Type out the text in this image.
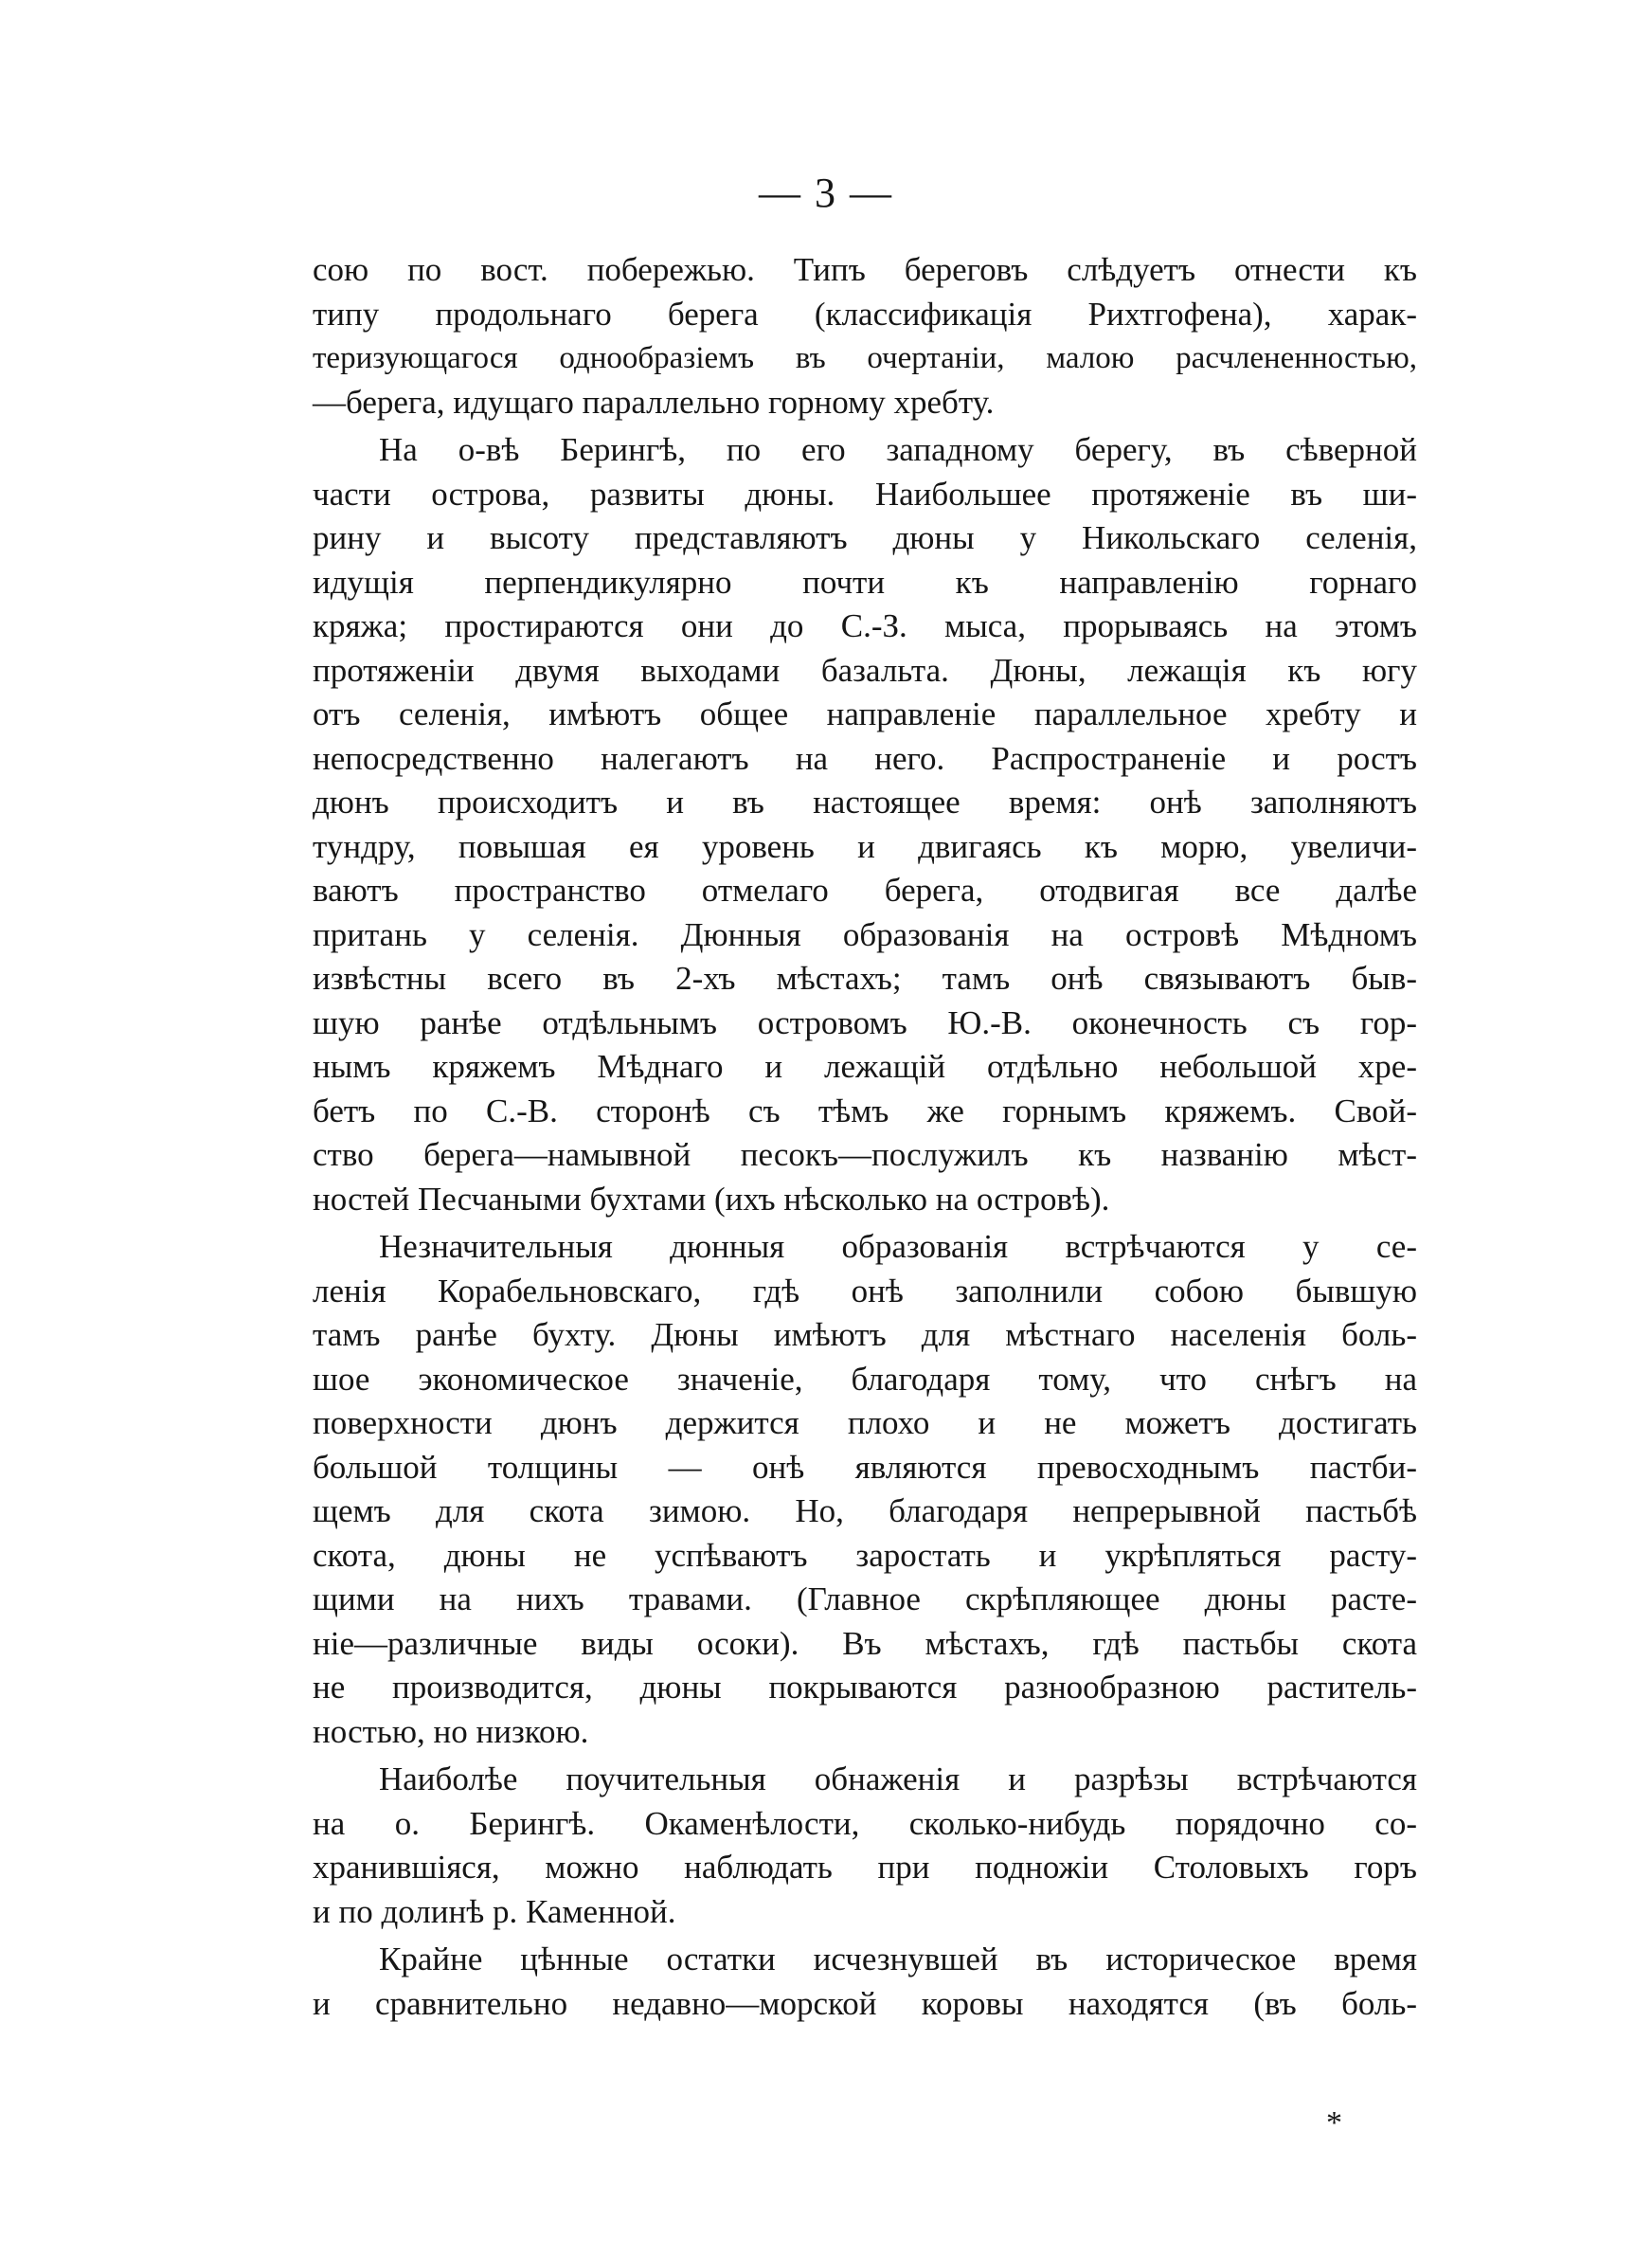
— 3 —
сою по вост. побережью. Типъ береговъ слѣдуетъ отнести къ
типу продольнаго берега (классификація Рихтгофена), харак-
теризующагося однообразіемъ въ очертаніи, малою расчлененностью,
—берега, идущаго параллельно горному хребту.
На о-вѣ Берингѣ, по его западному берегу, въ сѣверной
части острова, развиты дюны. Наибольшее протяженіе въ ши-
рину и высоту представляютъ дюны у Никольскаго селенія,
идущія перпендикулярно почти къ направленію горнаго
кряжа; простираются они до С.-З. мыса, прорываясь на этомъ
протяженіи двумя выходами базальта. Дюны, лежащія къ югу
отъ селенія, имѣютъ общее направленіе параллельное хребту и
непосредственно налегаютъ на него. Распространеніе и ростъ
дюнъ происходитъ и въ настоящее время: онѣ заполняютъ
тундру, повышая ея уровень и двигаясь къ морю, увеличи-
ваютъ пространство отмелаго берега, отодвигая все далѣе
притань у селенія. Дюнныя образованія на островѣ Мѣдномъ
извѣстны всего въ 2-хъ мѣстахъ; тамъ онѣ связываютъ быв-
шую ранѣе отдѣльнымъ островомъ Ю.-В. оконечность съ гор-
нымъ кряжемъ Мѣднаго и лежащій отдѣльно небольшой хре-
бетъ по С.-В. сторонѣ съ тѣмъ же горнымъ кряжемъ. Свой-
ство берега—намывной песокъ—послужилъ къ названію мѣст-
ностей Песчаными бухтами (ихъ нѣсколько на островѣ).
Незначительныя дюнныя образованія встрѣчаются у се-
ленія Корабельновскаго, гдѣ онѣ заполнили собою бывшую
тамъ ранѣе бухту. Дюны имѣютъ для мѣстнаго населенія боль-
шое экономическое значеніе, благодаря тому, что снѣгъ на
поверхности дюнъ держится плохо и не можетъ достигать
большой толщины — онѣ являются превосходнымъ пастби-
щемъ для скота зимою. Но, благодаря непрерывной пастьбѣ
скота, дюны не успѣваютъ заростать и укрѣпляться расту-
щими на нихъ травами. (Главное скрѣпляющее дюны расте-
ніе—различные виды осоки). Въ мѣстахъ, гдѣ пастьбы скота
не производится, дюны покрываются разнообразною раститель-
ностью, но низкою.
Наиболѣе поучительныя обнаженія и разрѣзы встрѣчаются
на о. Берингѣ. Окаменѣлости, сколько-нибудь порядочно со-
хранившіяся, можно наблюдать при подножіи Столовыхъ горъ
и по долинѣ р. Каменной.
Крайне цѣнные остатки исчезнувшей въ историческое время
и сравнительно недавно—морской коровы находятся (въ боль-
*
